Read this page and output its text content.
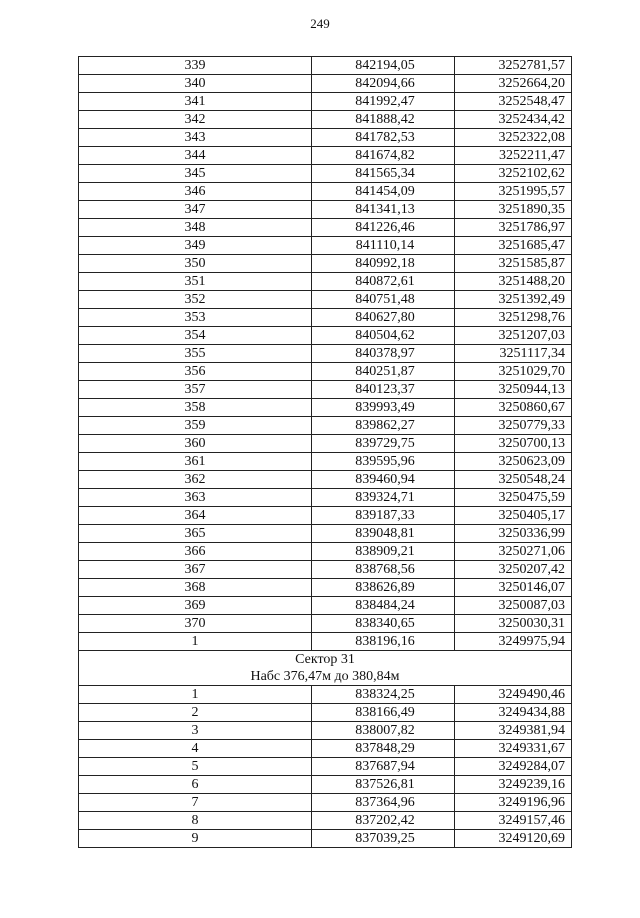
249
339	842194,05	3252781,57
340	842094,66	3252664,20
341	841992,47	3252548,47
342	841888,42	3252434,42
343	841782,53	3252322,08
344	841674,82	3252211,47
345	841565,34	3252102,62
346	841454,09	3251995,57
347	841341,13	3251890,35
348	841226,46	3251786,97
349	841110,14	3251685,47
350	840992,18	3251585,87
351	840872,61	3251488,20
352	840751,48	3251392,49
353	840627,80	3251298,76
354	840504,62	3251207,03
355	840378,97	3251117,34
356	840251,87	3251029,70
357	840123,37	3250944,13
358	839993,49	3250860,67
359	839862,27	3250779,33
360	839729,75	3250700,13
361	839595,96	3250623,09
362	839460,94	3250548,24
363	839324,71	3250475,59
364	839187,33	3250405,17
365	839048,81	3250336,99
366	838909,21	3250271,06
367	838768,56	3250207,42
368	838626,89	3250146,07
369	838484,24	3250087,03
370	838340,65	3250030,31
1	838196,16	3249975,94
Сектор 31		
Набс 376,47м до 380,84м		
1	838324,25	3249490,46
2	838166,49	3249434,88
3	838007,82	3249381,94
4	837848,29	3249331,67
5	837687,94	3249284,07
6	837526,81	3249239,16
7	837364,96	3249196,96
8	837202,42	3249157,46
9	837039,25	3249120,69
